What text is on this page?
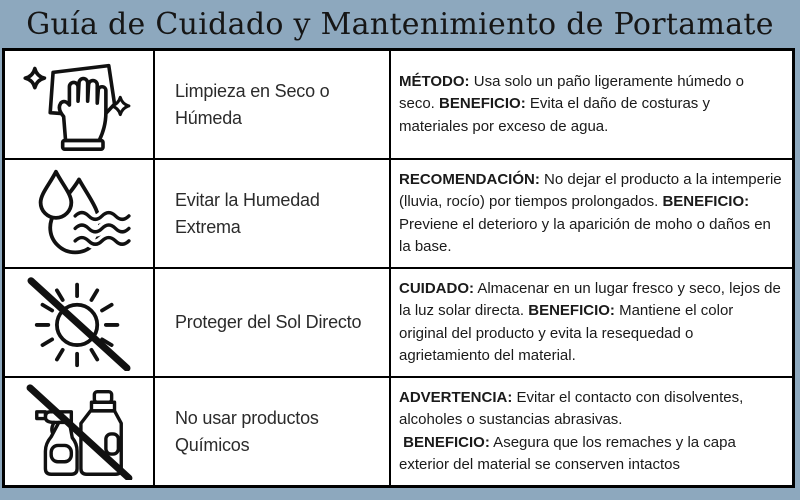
Guía de Cuidado y Mantenimiento de Portamate
Limpieza en Seco o Húmeda
MÉTODO: Usa solo un paño ligeramente húmedo o seco. BENEFICIO: Evita el daño de costuras y materiales por exceso de agua.
Evitar la Humedad Extrema
RECOMENDACIÓN: No dejar el producto a la intemperie (lluvia, rocío) por tiempos prolongados. BENEFICIO: Previene el deterioro y la aparición de moho o daños en la base.
Proteger del Sol Directo
CUIDADO: Almacenar en un lugar fresco y seco, lejos de la luz solar directa. BENEFICIO: Mantiene el color original del producto y evita la resequedad o agrietamiento del material.
No usar productos Químicos
ADVERTENCIA: Evitar el contacto con disolventes, alcoholes o sustancias abrasivas.
BENEFICIO: Asegura que los remaches y la capa exterior del material se conserven intactos
